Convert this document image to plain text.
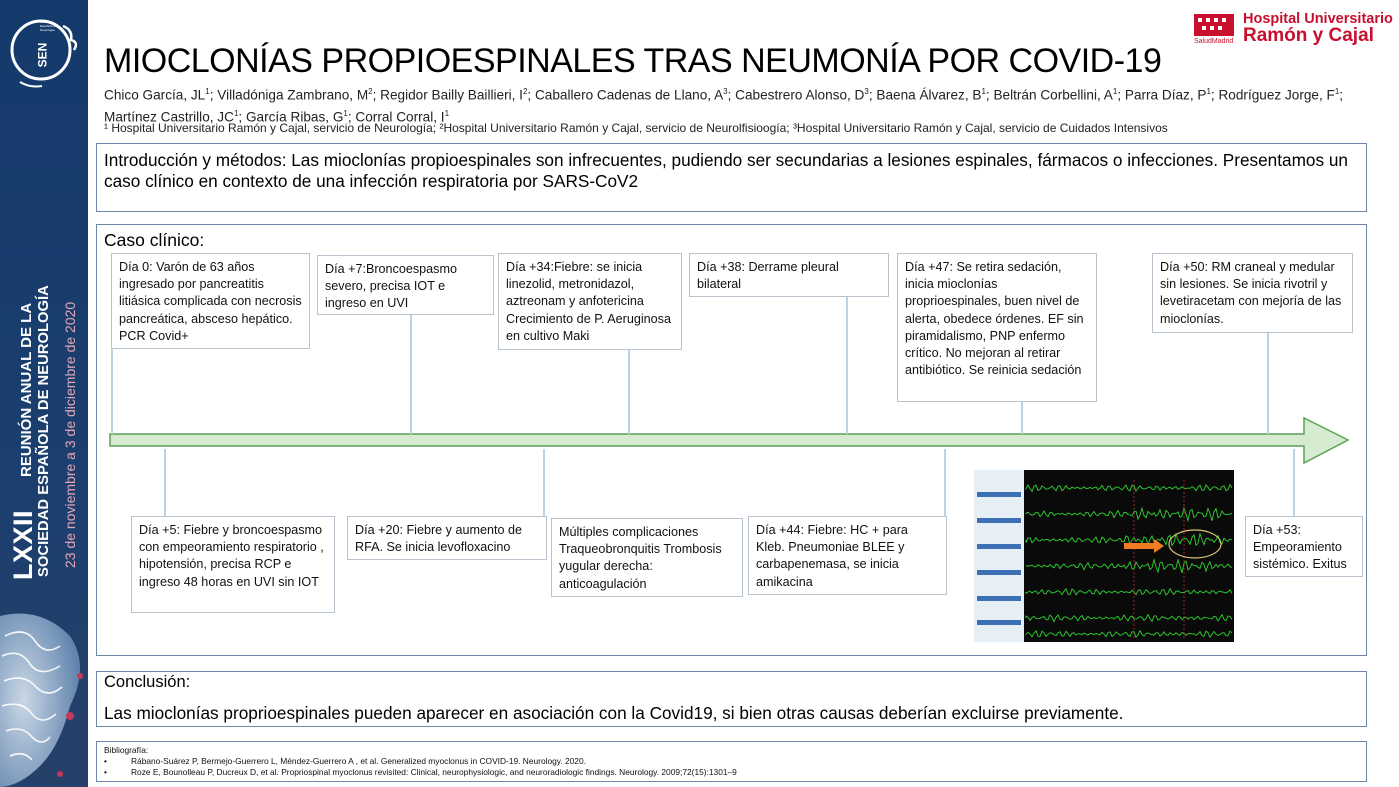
SEN
Sociedad Española de Neurología
LXXII
REUNIÓN ANUAL DE LA SOCIEDAD ESPAÑOLA DE NEUROLOGÍA 23 de noviembre a 3 de diciembre de 2020
Hospital Universitario
Ramón y Cajal
SaludMadrid
MIOCLONÍAS PROPIOESPINALES TRAS NEUMONÍA POR COVID-19
Chico García, $JL^1$; Villadóniga Zambrano, $M^2$; Regidor Bailly Baillieri, $I^2$; Caballero Cadenas de Llano, $A^3$; Cabestrero Alonso, $D^3$; Baena Álvarez, $B^1$; Beltrán Corbellini, $A^1$; Parra Díaz, $P^1$; Rodríguez Jorge, $F^1$; Martínez Castrillo, $JC^1$; García Ribas, $G^1$; Corral Corral, $I^1$
¹ Hospital Universitario Ramón y Cajal, servicio de Neurología; ²Hospital Universitario Ramón y Cajal, servicio de Neurolfisioogía; ³Hospital Universitario Ramón y Cajal, servicio de Cuidados Intensivos
Introducción y métodos: Las mioclonías propioespinales son infrecuentes, pudiendo ser secundarias a lesiones espinales, fármacos o infecciones. Presentamos un caso clínico en contexto de una infección respiratoria por SARS-CoV2
Caso clínico:
Día 0: Varón de 63 años ingresado por pancreatitis litiásica complicada con necrosis pancreática, absceso hepático. PCR Covid+
Día +7:Broncoespasmo severo, precisa IOT e ingreso en UVI
Día +34:Fiebre: se inicia linezolid, metronidazol, aztreonam y anfotericina Crecimiento de P. Aeruginosa en cultivo Maki
Día +38: Derrame pleural bilateral
Día +47: Se retira sedación, inicia mioclonías proprioespinales, buen nivel de alerta, obedece órdenes. EF sin piramidalismo, PNP enfermo crítico. No mejoran al retirar antibiótico. Se reinicia sedación
Día +50: RM craneal y medular sin lesiones. Se inicia rivotril y levetiracetam con mejoría de las mioclonías.
Día +5: Fiebre y broncoespasmo con empeoramiento respiratorio , hipotensión, precisa RCP e ingreso 48 horas en UVI sin IOT
Día +20: Fiebre y aumento de RFA. Se inicia levofloxacino
Múltiples complicaciones Traqueobronquitis Trombosis yugular derecha: anticoagulación
Día +44: Fiebre: HC + para Kleb. Pneumoniae BLEE y carbapenemasa, se inicia amikacina
Día +53: Empeoramiento sistémico. Exitus
Conclusión:
Las mioclonías proprioespinales pueden aparecer en asociación con la Covid19, si bien otras causas deberían excluirse previamente.
Bibliografía:
• Rábano-Suárez P, Bermejo-Guerrero L, Méndez-Guerrero A , et al. Generalized myoclonus in COVID-19. Neurology. 2020.
• Roze E, Bounolleau P, Ducreux D, et al. Propriospinal myoclonus revisited: Clinical, neurophysiologic, and neuroradiologic findings. Neurology. 2009;72(15):1301–9
